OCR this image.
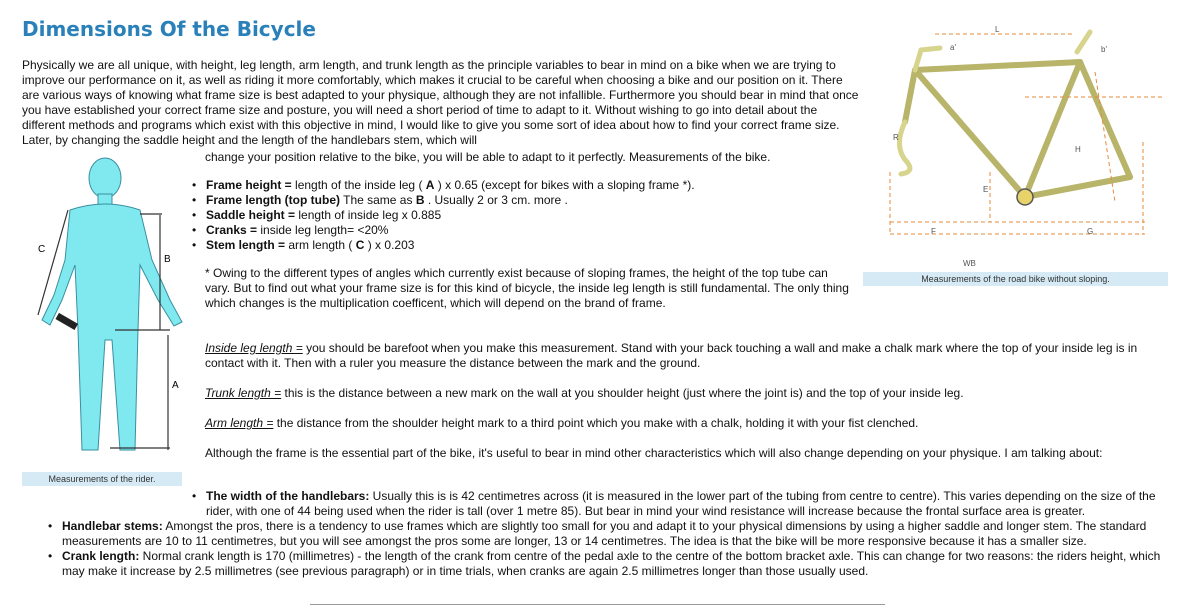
Dimensions Of the Bicycle
Physically we are all unique, with height, leg length, arm length, and trunk length as the principle variables to bear in mind on a bike when we are trying to improve our performance on it, as well as riding it more comfortably, which makes it crucial to be careful when choosing a bike and our position on it. There are various ways of knowing what frame size is best adapted to your physique, although they are not infallible. Furthermore you should bear in mind that once you have established your correct frame size and posture, you will need a short period of time to adapt to it. Without wishing to go into detail about the different methods and programs which exist with this objective in mind, I would like to give you some sort of idea about how to find your correct frame size. Later, by changing the saddle height and the length of the handlebars stem, which will
change your position relative to the bike, you will be able to adapt to it perfectly. Measurements of the bike.
A
B
C
Measurements of the rider.
• Frame height = length of the inside leg ( A ) x 0.65 (except for bikes with a sloping frame *).
• Frame length (top tube) The same as B . Usually 2 or 3 cm. more .
• Saddle height = length of inside leg x 0.885
• Cranks = inside leg length= <20%
• Stem length = arm length ( C ) x 0.203
* Owing to the different types of angles which currently exist because of sloping frames, the height of the top tube can vary. But to find out what your frame size is for this kind of bicycle, the inside leg length is still fundamental. The only thing which changes is the multiplication coefficent, which will depend on the brand of frame.
L
a'	b'
R
H
E
F	G
WB
Measurements of the road bike without sloping.
Inside leg length = you should be barefoot when you make this measurement. Stand with your back touching a wall and make a chalk mark where the top of your inside leg is in contact with it. Then with a ruler you measure the distance between the mark and the ground.
Trunk length = this is the distance between a new mark on the wall at you shoulder height (just where the joint is) and the top of your inside leg.
Arm length = the distance from the shoulder height mark to a third point which you make with a chalk, holding it with your fist clenched.
Although the frame is the essential part of the bike, it's useful to bear in mind other characteristics which will also change depending on your physique. I am talking about:
• The width of the handlebars: Usually this is is 42 centimetres across (it is measured in the lower part of the tubing from centre to centre). This varies depending on the size of the rider, with one of 44 being used when the rider is tall (over 1 metre 85). But bear in mind your wind resistance will increase because the frontal surface area is greater.
• Handlebar stems: Amongst the pros, there is a tendency to use frames which are slightly too small for you and adapt it to your physical dimensions by using a higher saddle and longer stem. The standard measurements are 10 to 11 centimetres, but you will see amongst the pros some are longer, 13 or 14 centimetres. The idea is that the bike will be more responsive because it has a smaller size.
• Crank length: Normal crank length is 170 (millimetres) - the length of the crank from centre of the pedal axle to the centre of the bottom bracket axle. This can change for two reasons: the riders height, which may make it increase by 2.5 millimetres (see previous paragraph) or in time trials, when cranks are again 2.5 millimetres longer than those usually used.
